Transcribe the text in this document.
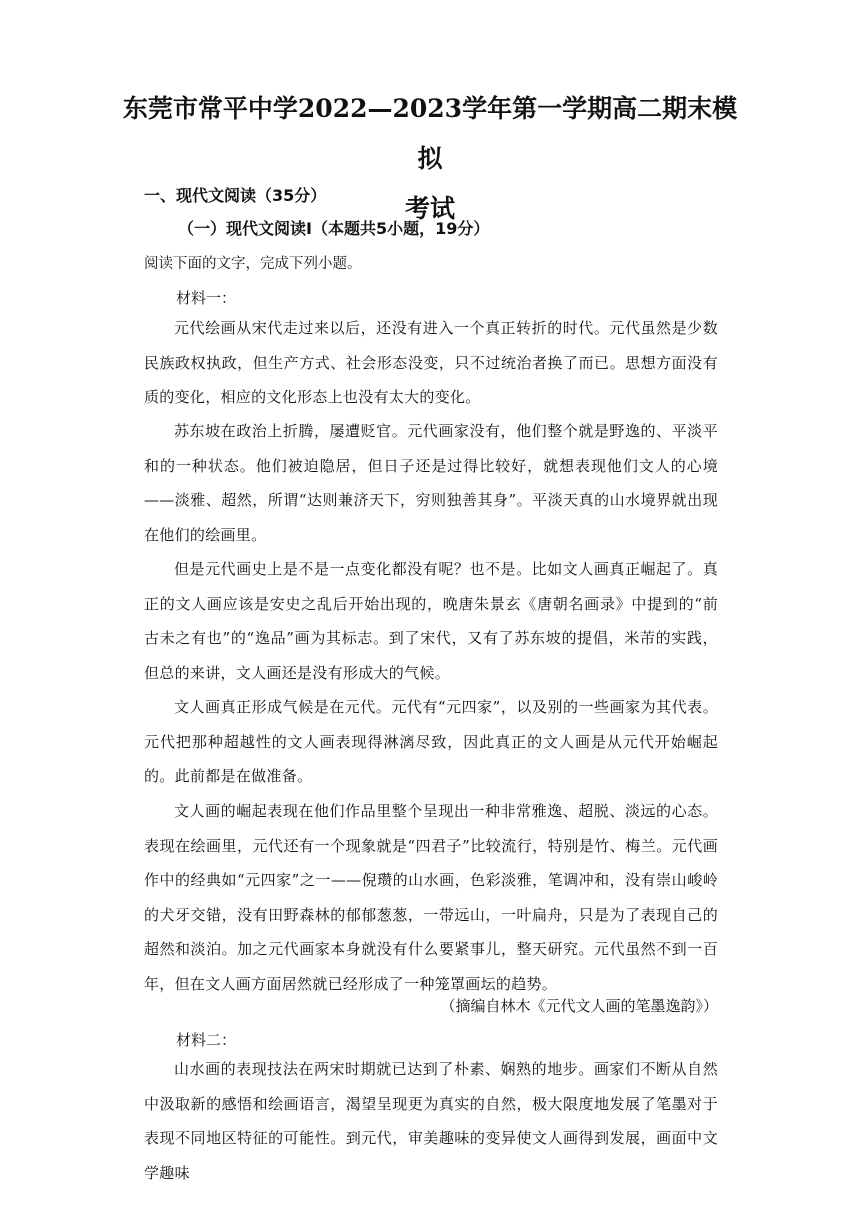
东莞市常平中学2022—2023学年第一学期高二期末模拟
考试
一、现代文阅读（35分）
（一）现代文阅读Ⅰ（本题共5小题，19分）
阅读下面的文字，完成下列小题。
材料一：
元代绘画从宋代走过来以后，还没有进入一个真正转折的时代。元代虽然是少数民族政权执政，但生产方式、社会形态没变，只不过统治者换了而已。思想方面没有质的变化，相应的文化形态上也没有太大的变化。
苏东坡在政治上折腾，屡遭贬官。元代画家没有，他们整个就是野逸的、平淡平和的一种状态。他们被迫隐居，但日子还是过得比较好，就想表现他们文人的心境——淡雅、超然，所谓“达则兼济天下，穷则独善其身”。平淡天真的山水境界就出现在他们的绘画里。
但是元代画史上是不是一点变化都没有呢？也不是。比如文人画真正崛起了。真正的文人画应该是安史之乱后开始出现的，晚唐朱景玄《唐朝名画录》中提到的“前古未之有也”的“逸品”画为其标志。到了宋代，又有了苏东坡的提倡，米芾的实践，但总的来讲，文人画还是没有形成大的气候。
文人画真正形成气候是在元代。元代有“元四家”，以及别的一些画家为其代表。元代把那种超越性的文人画表现得淋漓尽致，因此真正的文人画是从元代开始崛起的。此前都是在做准备。
文人画的崛起表现在他们作品里整个呈现出一种非常雅逸、超脱、淡远的心态。表现在绘画里，元代还有一个现象就是“四君子”比较流行，特别是竹、梅兰。元代画作中的经典如“元四家”之一——倪瓒的山水画，色彩淡雅，笔调冲和，没有崇山峻岭的犬牙交错，没有田野森林的郁郁葱葱，一带远山，一叶扁舟，只是为了表现自己的超然和淡泊。加之元代画家本身就没有什么要紧事儿，整天研究。元代虽然不到一百年，但在文人画方面居然就已经形成了一种笼罩画坛的趋势。
（摘编自林木《元代文人画的笔墨逸韵》）
材料二：
山水画的表现技法在两宋时期就已达到了朴素、娴熟的地步。画家们不断从自然中汲取新的感悟和绘画语言，渴望呈现更为真实的自然，极大限度地发展了笔墨对于表现不同地区特征的可能性。到元代，审美趣味的变异使文人画得到发展，画面中文学趣味
